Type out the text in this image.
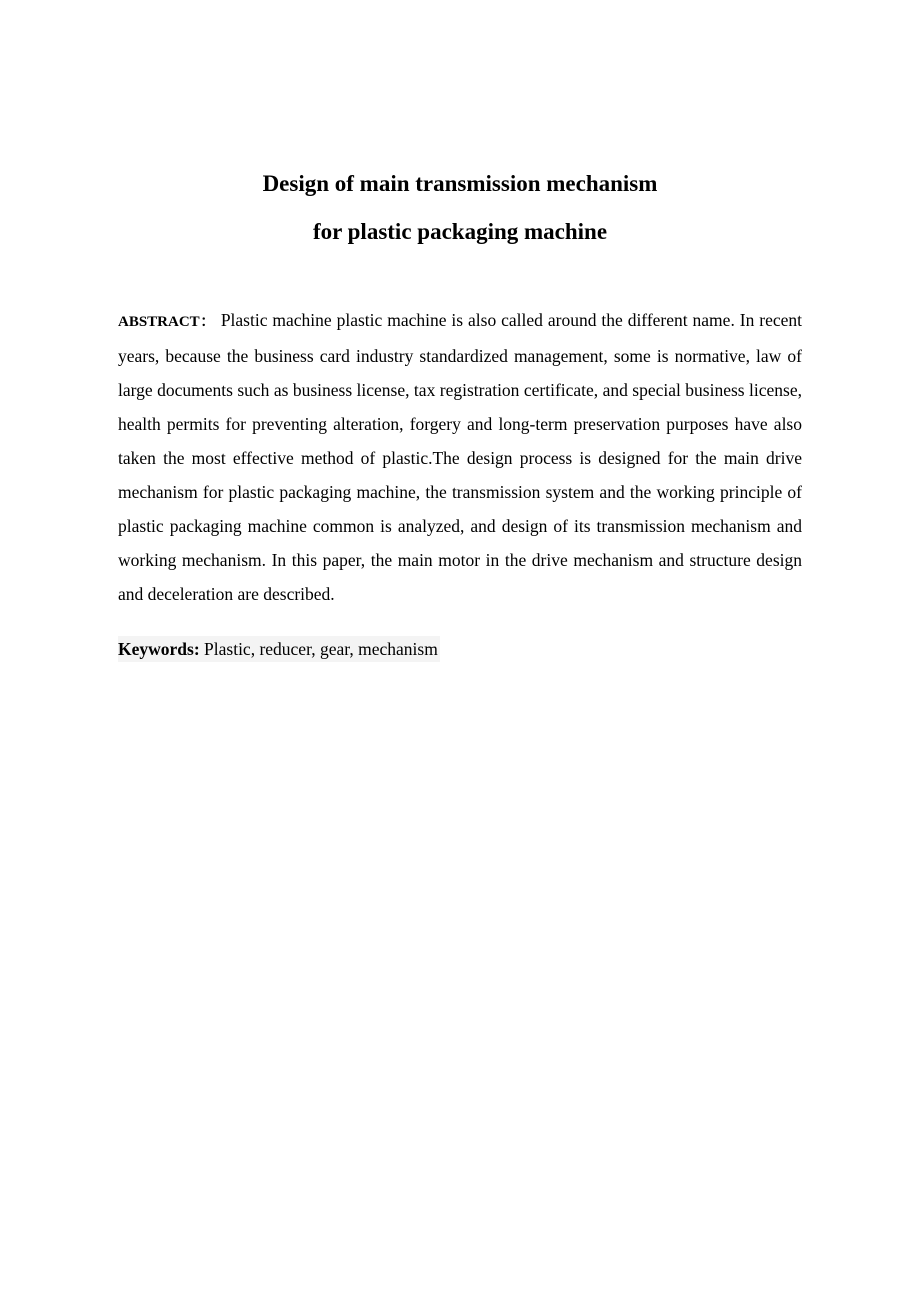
Design of main transmission mechanism

for plastic packaging machine

ABSTRACT： Plastic machine plastic machine is also called around the different name. In recent years, because the business card industry standardized management, some is normative, law of large documents such as business license, tax registration certificate, and special business license, health permits for preventing alteration, forgery and long-term preservation purposes have also taken the most effective method of plastic.The design process is designed for the main drive mechanism for plastic packaging machine, the transmission system and the working principle of plastic packaging machine common is analyzed, and design of its transmission mechanism and working mechanism. In this paper, the main motor in the drive mechanism and structure design and deceleration are described.

Keywords: Plastic, reducer, gear, mechanism
